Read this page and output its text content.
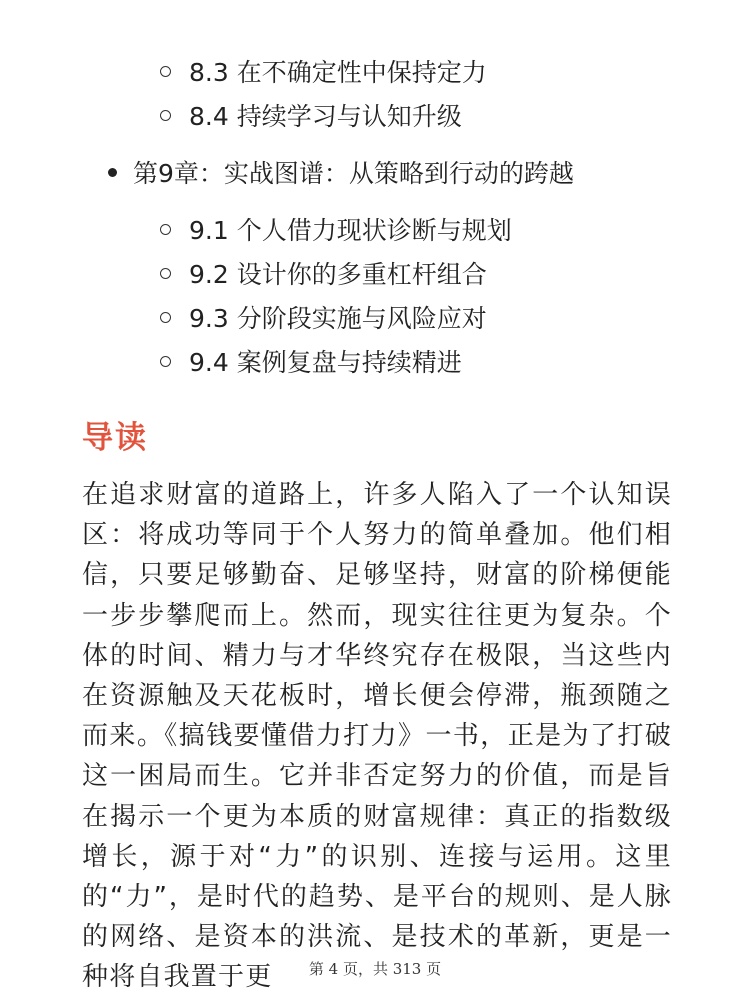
8.3 在不确定性中保持定力
8.4 持续学习与认知升级
第9章：实战图谱：从策略到行动的跨越
9.1 个人借力现状诊断与规划
9.2 设计你的多重杠杆组合
9.3 分阶段实施与风险应对
9.4 案例复盘与持续精进
导读

在追求财富的道路上，许多人陷入了一个认知误区：将成功等同于个人努力的简单叠加。他们相信，只要足够勤奋、足够坚持，财富的阶梯便能一步步攀爬而上。然而，现实往往更为复杂。个体的时间、精力与才华终究存在极限，当这些内在资源触及天花板时，增长便会停滞，瓶颈随之而来。《搞钱要懂借力打力》一书，正是为了打破这一困局而生。它并非否定努力的价值，而是旨在揭示一个更为本质的财富规律：真正的指数级增长，源于对“力”的识别、连接与运用。这里的“力”，是时代的趋势、是平台的规则、是人脉的网络、是资本的洪流、是技术的革新，更是一种将自我置于更	第 4 页，共 313 页
